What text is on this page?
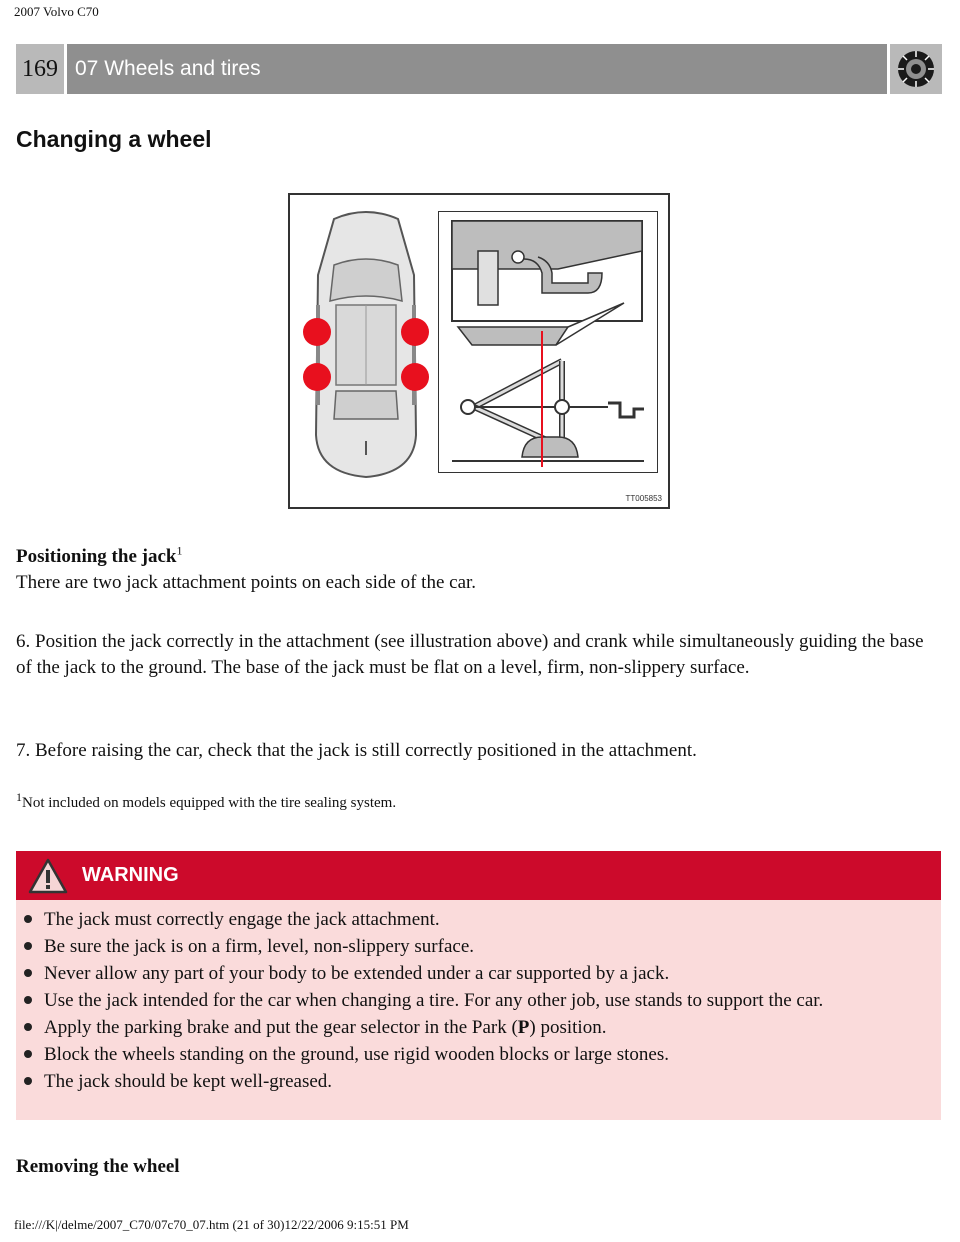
2007 Volvo C70
169 07 Wheels and tires
Changing a wheel
TT005853

Positioning the jack$^1$
There are two jack attachment points on each side of the car.

6. Position the jack correctly in the attachment (see illustration above) and crank while simultaneously guiding the base of the jack to the ground. The base of the jack must be flat on a level, firm, non-slippery surface.

7. Before raising the car, check that the jack is still correctly positioned in the attachment.

$^1$Not included on models equipped with the tire sealing system.

WARNING
The jack must correctly engage the jack attachment.
Be sure the jack is on a firm, level, non-slippery surface.
Never allow any part of your body to be extended under a car supported by a jack.
Use the jack intended for the car when changing a tire. For any other job, use stands to support the car.
Apply the parking brake and put the gear selector in the Park (P) position.
Block the wheels standing on the ground, use rigid wooden blocks or large stones.
The jack should be kept well-greased.

Removing the wheel

file:///K|/delme/2007_C70/07c70_07.htm (21 of 30)12/22/2006 9:15:51 PM
